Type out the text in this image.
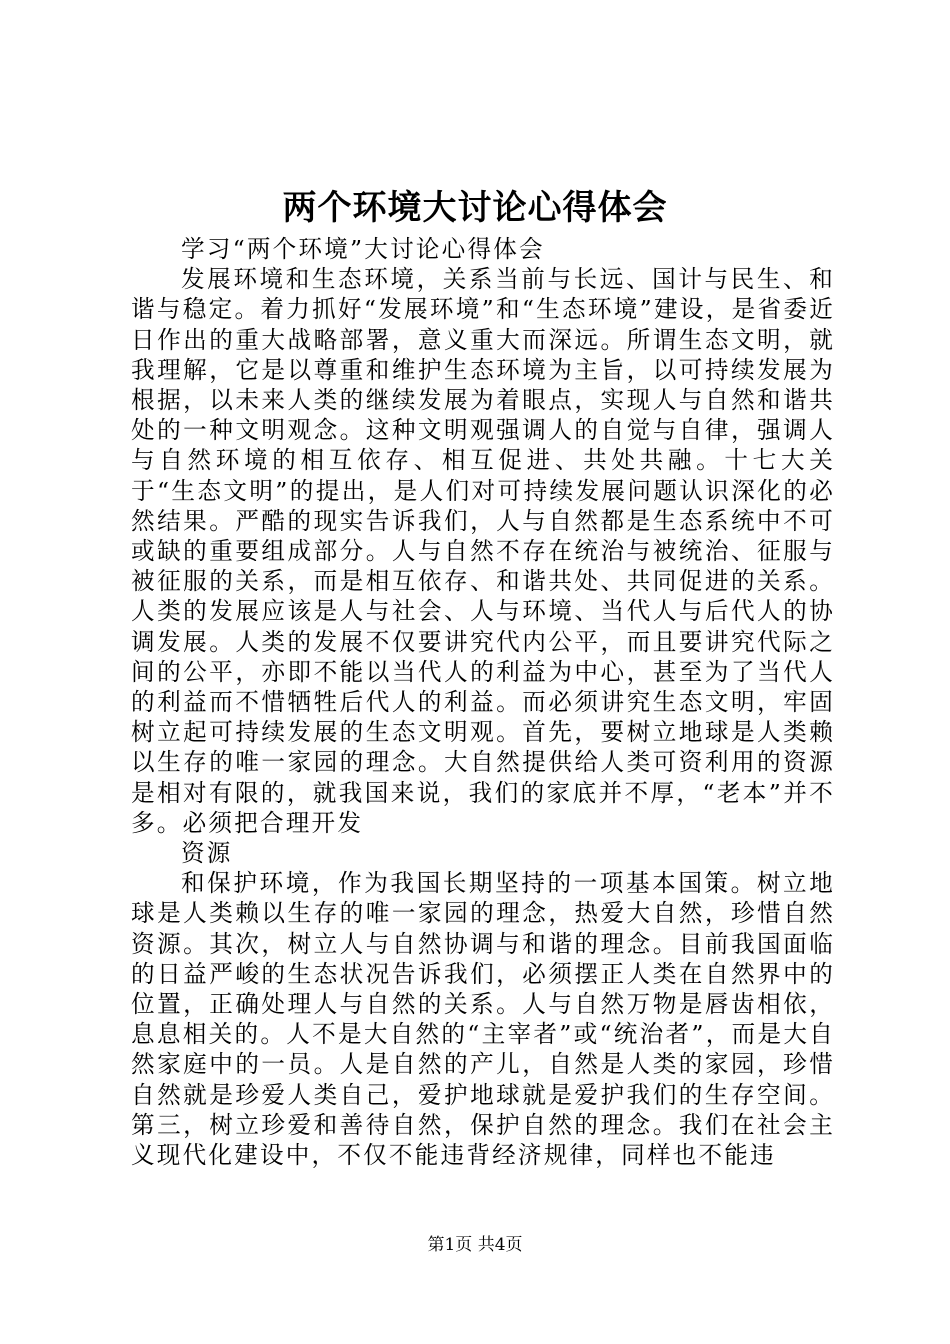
两个环境大讨论心得体会

学习“两个环境”大讨论心得体会

发展环境和生态环境，关系当前与长远、国计与民生、和谐与稳定。着力抓好“发展环境”和“生态环境”建设，是省委近日作出的重大战略部署，意义重大而深远。所谓生态文明，就我理解，它是以尊重和维护生态环境为主旨，以可持续发展为根据，以未来人类的继续发展为着眼点，实现人与自然和谐共处的一种文明观念。这种文明观强调人的自觉与自律，强调人与自然环境的相互依存、相互促进、共处共融。十七大关于“生态文明”的提出，是人们对可持续发展问题认识深化的必然结果。严酷的现实告诉我们，人与自然都是生态系统中不可或缺的重要组成部分。人与自然不存在统治与被统治、征服与被征服的关系，而是相互依存、和谐共处、共同促进的关系。人类的发展应该是人与社会、人与环境、当代人与后代人的协调发展。人类的发展不仅要讲究代内公平，而且要讲究代际之间的公平，亦即不能以当代人的利益为中心，甚至为了当代人的利益而不惜牺牲后代人的利益。而必须讲究生态文明，牢固树立起可持续发展的生态文明观。首先，要树立地球是人类赖以生存的唯一家园的理念。大自然提供给人类可资利用的资源是相对有限的，就我国来说，我们的家底并不厚，“老本”并不多。必须把合理开发

资源

和保护环境，作为我国长期坚持的一项基本国策。树立地球是人类赖以生存的唯一家园的理念，热爱大自然，珍惜自然资源。其次，树立人与自然协调与和谐的理念。目前我国面临的日益严峻的生态状况告诉我们，必须摆正人类在自然界中的位置，正确处理人与自然的关系。人与自然万物是唇齿相依，息息相关的。人不是大自然的“主宰者”或“统治者”，而是大自然家庭中的一员。人是自然的产儿，自然是人类的家园，珍惜自然就是珍爱人类自己，爱护地球就是爱护我们的生存空间。第三，树立珍爱和善待自然，保护自然的理念。我们在社会主义现代化建设中，不仅不能违背经济规律，同样也不能违

第1页 共4页
